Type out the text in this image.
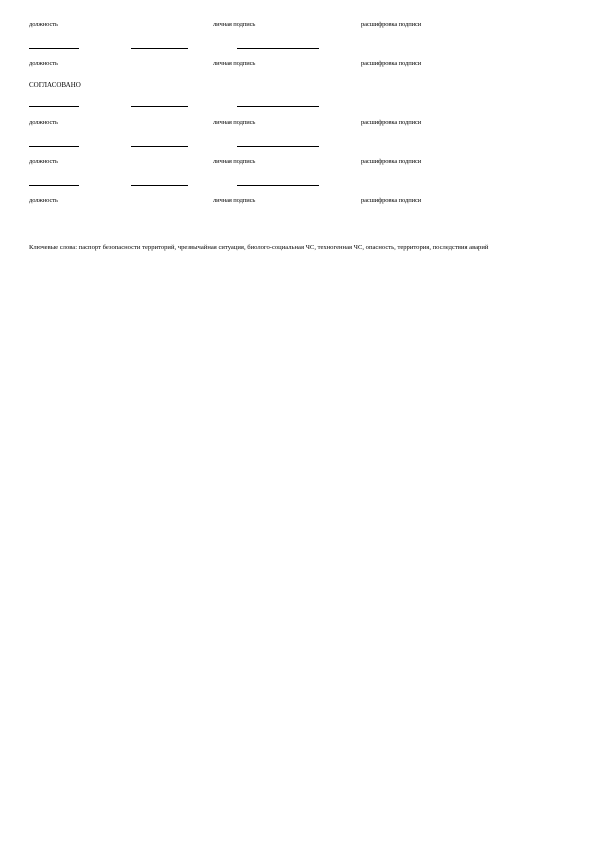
должность	личная подпись	расшифровка подписи
должность	личная подпись	расшифровка подписи
СОГЛАСОВАНО
должность	личная подпись	расшифровка подписи
должность	личная подпись	расшифровка подписи
должность	личная подпись	расшифровка подписи

Ключевые слова: паспорт безопасности территорий, чрезвычайная ситуация, биолого-социальная ЧС, техногенная ЧС, опасность, территория, последствия аварий
